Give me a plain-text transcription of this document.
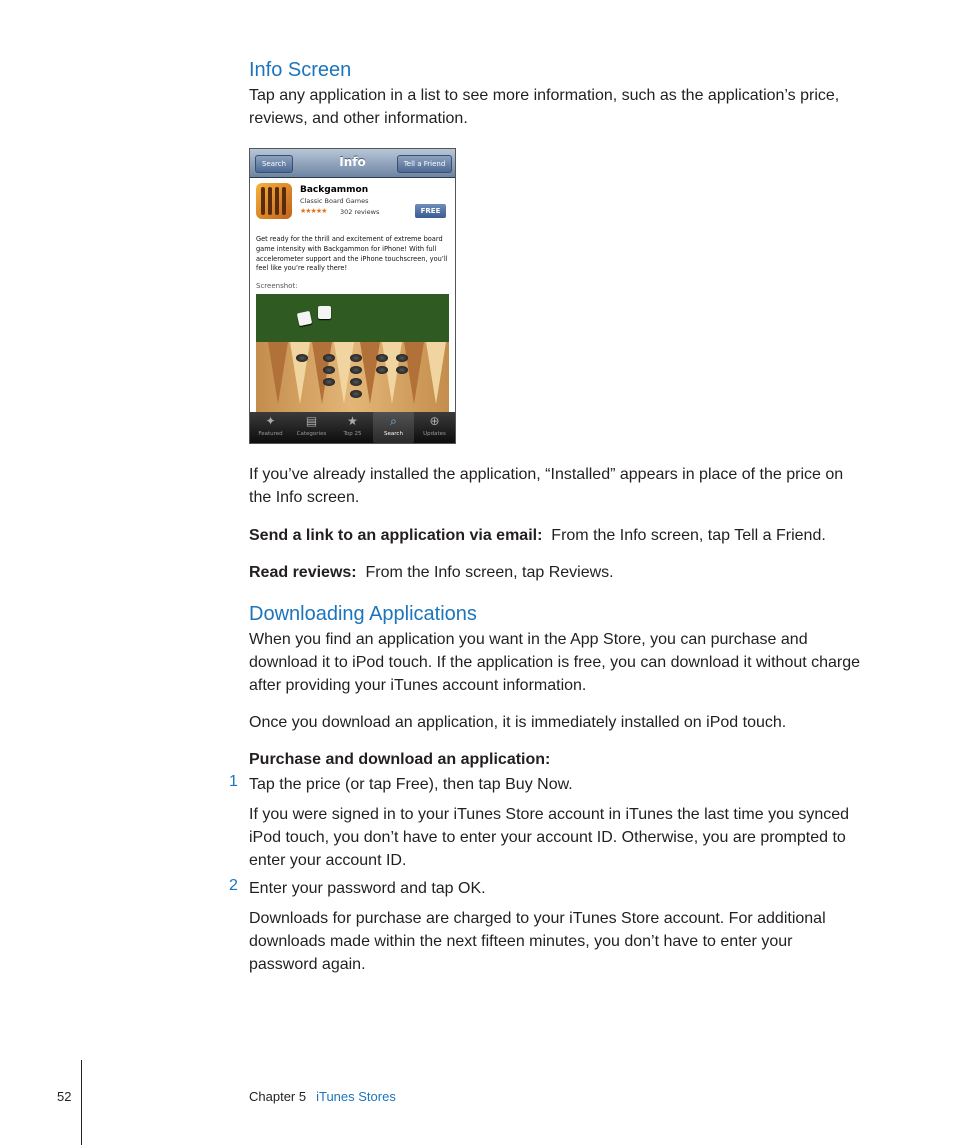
Info Screen

Tap any application in a list to see more information, such as the application’s price, reviews, and other information.

Search	Info	Tell a Friend
Backgammon
Classic Board Games
★★★★★ 302 reviews	FREE
Get ready for the thrill and excitement of extreme board game intensity with Backgammon for iPhone! With full accelerometer support and the iPhone touchscreen, you’ll feel like you’re really there!
Screenshot:
✦
Featured
▤
Categories
★
Top 25
⌕
Search
⊕
Updates

If you’ve already installed the application, “Installed” appears in place of the price on the Info screen.

Send a link to an application via email: From the Info screen, tap Tell a Friend.

Read reviews: From the Info screen, tap Reviews.

Downloading Applications

When you find an application you want in the App Store, you can purchase and download it to iPod touch. If the application is free, you can download it without charge after providing your iTunes account information.

Once you download an application, it is immediately installed on iPod touch.

Purchase and download an application:

1 Tap the price (or tap Free), then tap Buy Now.

If you were signed in to your iTunes Store account in iTunes the last time you synced iPod touch, you don’t have to enter your account ID. Otherwise, you are prompted to enter your account ID.

2 Enter your password and tap OK.

Downloads for purchase are charged to your iTunes Store account. For additional downloads made within the next fifteen minutes, you don’t have to enter your password again.

52	Chapter 5 iTunes Stores
